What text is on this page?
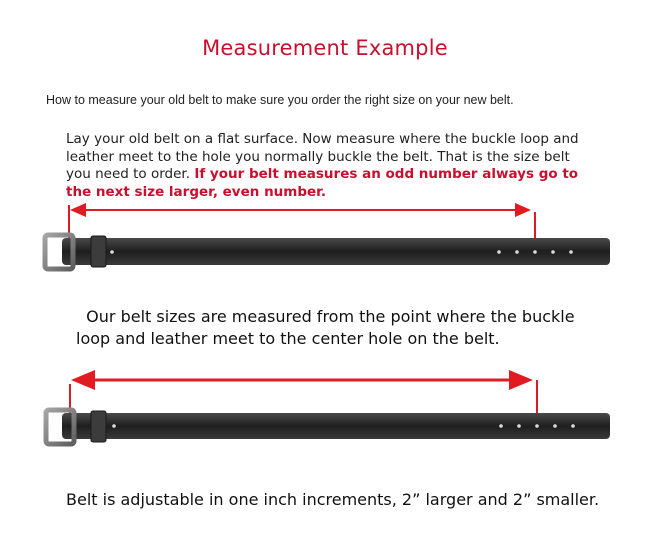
Measurement Example
How to measure your old belt to make sure you order the right size on your new belt.
Lay your old belt on a flat surface. Now measure where the buckle loop and leather meet to the hole you normally buckle the belt. That is the size belt you need to order. If your belt measures an odd number always go to the next size larger, even number.
Our belt sizes are measured from the point where the buckle loop and leather meet to the center hole on the belt.
Belt is adjustable in one inch increments, 2” larger and 2” smaller.
